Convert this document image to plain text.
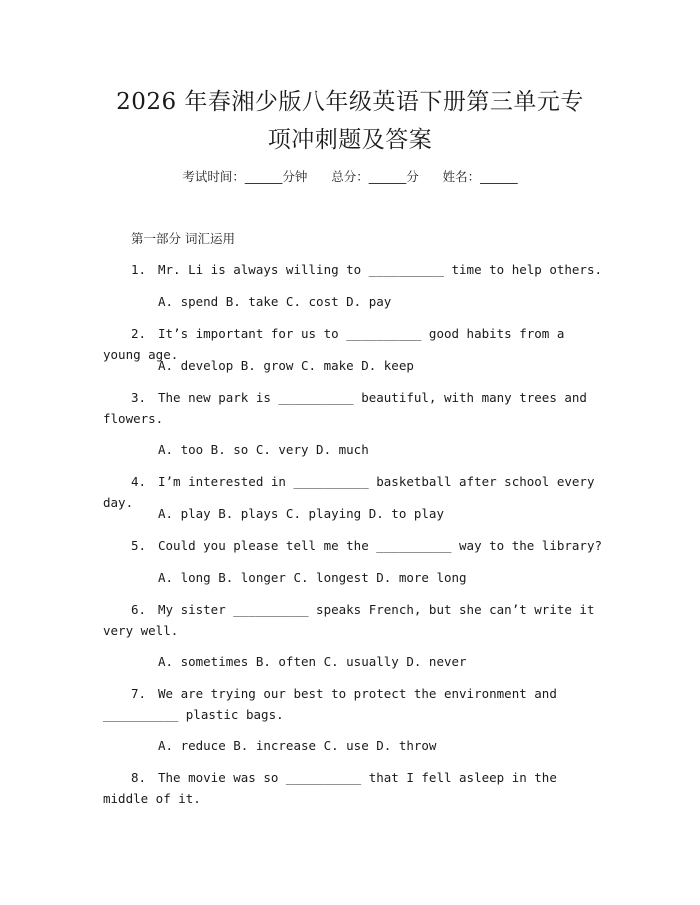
2026 年春湘少版八年级英语下册第三单元专
项冲刺题及答案
考试时间：______分钟 总分：______分 姓名：______
第一部分 词汇运用
1. Mr. Li is always willing to __________ time to help others.
A. spend B. take C. cost D. pay
2. It’s important for us to __________ good habits from a young age.
A. develop B. grow C. make D. keep
3. The new park is __________ beautiful, with many trees and flowers.
A. too B. so C. very D. much
4. I’m interested in __________ basketball after school every day.
A. play B. plays C. playing D. to play
5. Could you please tell me the __________ way to the library?
A. long B. longer C. longest D. more long
6. My sister __________ speaks French, but she can’t write it very well.
A. sometimes B. often C. usually D. never
7. We are trying our best to protect the environment and __________ plastic bags.
A. reduce B. increase C. use D. throw
8. The movie was so __________ that I fell asleep in the middle of it.
